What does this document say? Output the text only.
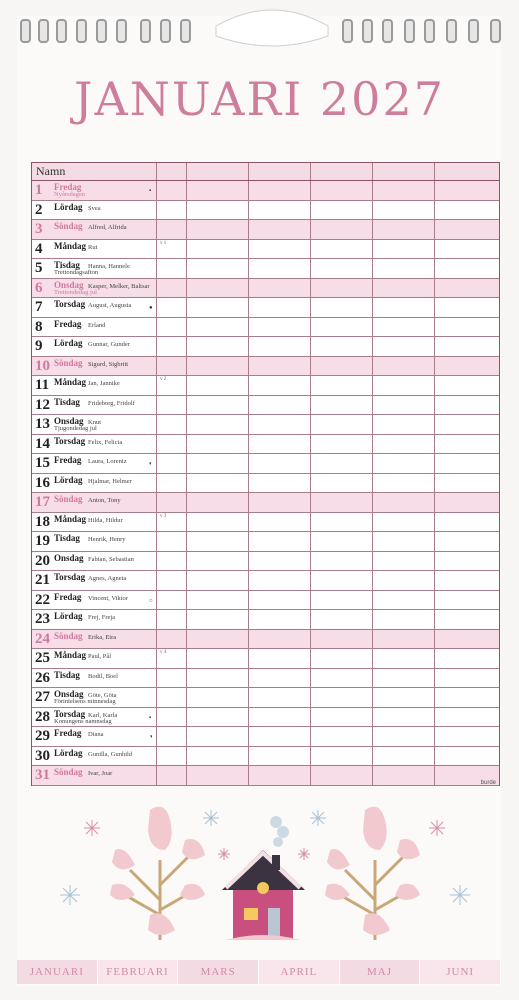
JANUARI 2027
Namn
1 Fredag
Nyårsdagen	▪
2 Lördag Svea
3 Söndag Alfred, Alfrida
4 Måndag Rut
v 1
5 Tisdag Hanna, Hannele
Trettondagsafton
6 Onsdag Kasper, Melker, Baltsar
Trettondedag jul
7 Torsdag August, Augusta	●
8 Fredag Erland
9 Lördag Gunnar, Gunder
10 Söndag Sigurd, Sigbritt
11 Måndag Jan, Jannike
v 2
12 Tisdag Frideborg, Fridolf
13 Onsdag Knut
Tjugondedag jul
14 Torsdag Felix, Felicia
15 Fredag Laura, Lorentz	◐
16 Lördag Hjalmar, Helmer
17 Söndag Anton, Tony
18 Måndag Hilda, Hildur
v 3
19 Tisdag Henrik, Henry
20 Onsdag Fabian, Sebastian
21 Torsdag Agnes, Agneta
22 Fredag Vincent, Viktor	○
23 Lördag Frej, Freja
24 Söndag Erika, Eira
25 Måndag Paul, Pål
v 4
26 Tisdag Bodil, Boel
27 Onsdag Göte, Göta
Förintelsens minnesdag
28 Torsdag Karl, Karla
Konungens namnsdag	▪
29 Fredag Diana	◑
30 Lördag Gunilla, Gunhild
31 Söndag Ivar, Joar
burde
JANUARI	FEBRUARI	MARS	APRIL	MAJ	JUNI
